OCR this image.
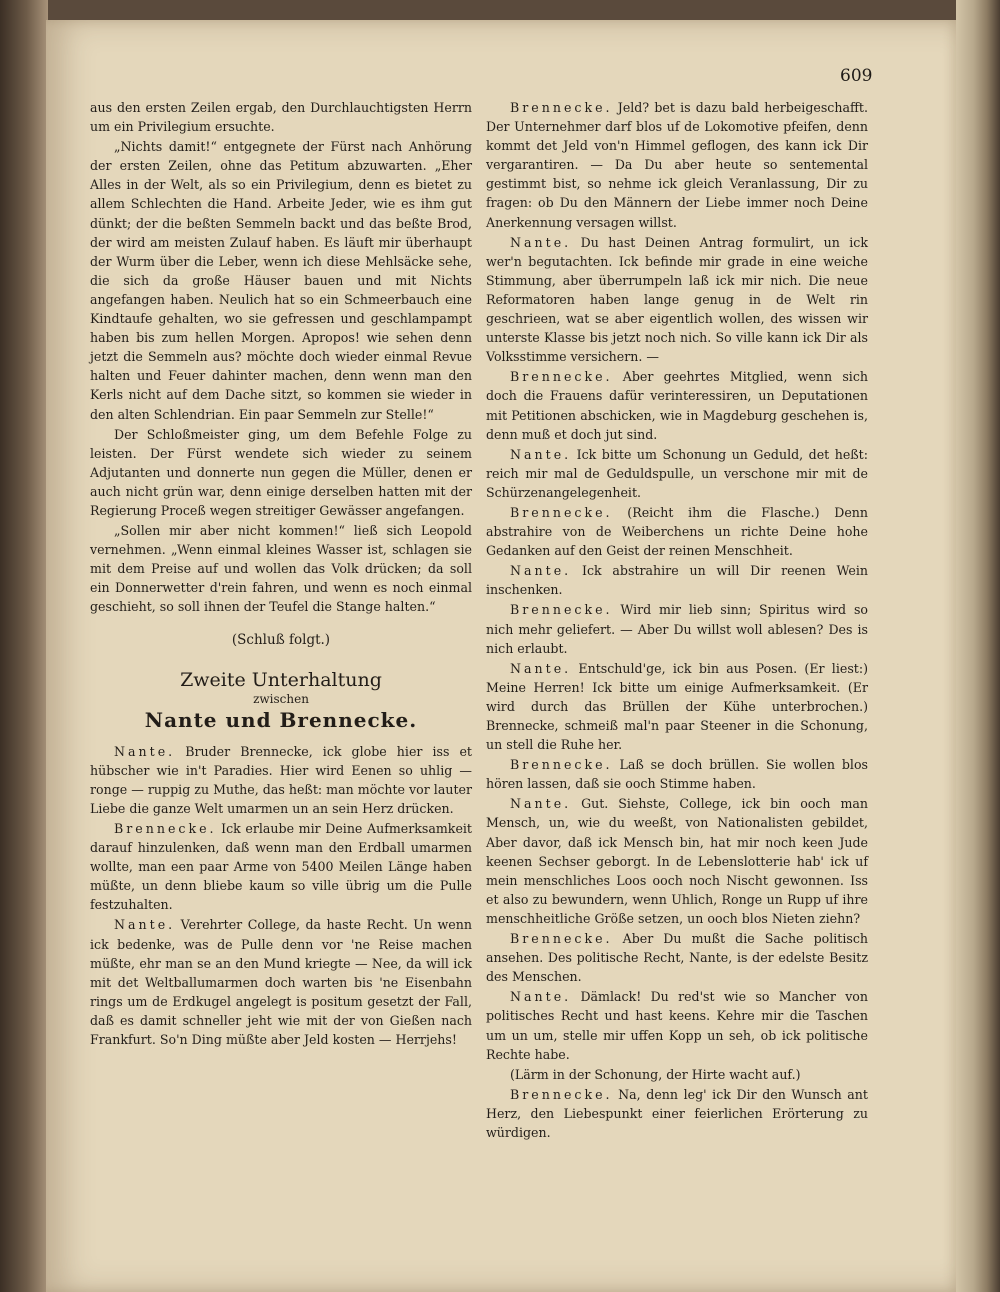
609

aus den ersten Zeilen ergab, den Durchlauchtigsten Herrn um ein Privilegium ersuchte.

„Nichts damit!“ entgegnete der Fürst nach Anhörung der ersten Zeilen, ohne das Petitum abzuwarten. „Eher Alles in der Welt, als so ein Privilegium, denn es bietet zu allem Schlechten die Hand. Arbeite Jeder, wie es ihm gut dünkt; der die beßten Semmeln backt und das beßte Brod, der wird am meisten Zulauf haben. Es läuft mir überhaupt der Wurm über die Leber, wenn ich diese Mehlsäcke sehe, die sich da große Häuser bauen und mit Nichts angefangen haben. Neulich hat so ein Schmeerbauch eine Kindtaufe gehalten, wo sie gefressen und geschlampampt haben bis zum hellen Morgen. Apropos! wie sehen denn jetzt die Semmeln aus? möchte doch wieder einmal Revue halten und Feuer dahinter machen, denn wenn man den Kerls nicht auf dem Dache sitzt, so kommen sie wieder in den alten Schlendrian. Ein paar Semmeln zur Stelle!“

Der Schloßmeister ging, um dem Befehle Folge zu leisten. Der Fürst wendete sich wieder zu seinem Adjutanten und donnerte nun gegen die Müller, denen er auch nicht grün war, denn einige derselben hatten mit der Regierung Proceß wegen streitiger Gewässer angefangen.

„Sollen mir aber nicht kommen!“ ließ sich Leopold vernehmen. „Wenn einmal kleines Wasser ist, schlagen sie mit dem Preise auf und wollen das Volk drücken; da soll ein Donnerwetter d'rein fahren, und wenn es noch einmal geschieht, so soll ihnen der Teufel die Stange halten.“

(Schluß folgt.)
Zweite Unterhaltung
zwischen
Nante und Brennecke.

Nante. Bruder Brennecke, ick globe hier iss et hübscher wie in't Paradies. Hier wird Eenen so uhlig — ronge — ruppig zu Muthe, das heßt: man möchte vor lauter Liebe die ganze Welt umarmen un an sein Herz drücken.

Brennecke. Ick erlaube mir Deine Aufmerksamkeit darauf hinzulenken, daß wenn man den Erdball umarmen wollte, man een paar Arme von 5400 Meilen Länge haben müßte, un denn bliebe kaum so ville übrig um die Pulle festzuhalten.

Nante. Verehrter College, da haste Recht. Un wenn ick bedenke, was de Pulle denn vor 'ne Reise machen müßte, ehr man se an den Mund kriegte — Nee, da will ick mit det Weltballumarmen doch warten bis 'ne Eisenbahn rings um de Erdkugel angelegt is positum gesetzt der Fall, daß es damit schneller jeht wie mit der von Gießen nach Frankfurt. So'n Ding müßte aber Jeld kosten — Herrjehs!

Brennecke. Jeld? bet is dazu bald herbeigeschafft. Der Unternehmer darf blos uf de Lokomotive pfeifen, denn kommt det Jeld von'n Himmel geflogen, des kann ick Dir vergarantiren. — Da Du aber heute so sentemental gestimmt bist, so nehme ick gleich Veranlassung, Dir zu fragen: ob Du den Männern der Liebe immer noch Deine Anerkennung versagen willst.

Nante. Du hast Deinen Antrag formulirt, un ick wer'n begutachten. Ick befinde mir grade in eine weiche Stimmung, aber überrumpeln laß ick mir nich. Die neue Reformatoren haben lange genug in de Welt rin geschrieen, wat se aber eigentlich wollen, des wissen wir unterste Klasse bis jetzt noch nich. So ville kann ick Dir als Volksstimme versichern. —

Brennecke. Aber geehrtes Mitglied, wenn sich doch die Frauens dafür verinteressiren, un Deputationen mit Petitionen abschicken, wie in Magdeburg geschehen is, denn muß et doch jut sind.

Nante. Ick bitte um Schonung un Geduld, det heßt: reich mir mal de Geduldspulle, un verschone mir mit de Schürzenangelegenheit.

Brennecke. (Reicht ihm die Flasche.) Denn abstrahire von de Weiberchens un richte Deine hohe Gedanken auf den Geist der reinen Menschheit.

Nante. Ick abstrahire un will Dir reenen Wein inschenken.

Brennecke. Wird mir lieb sinn; Spiritus wird so nich mehr geliefert. — Aber Du willst woll ablesen? Des is nich erlaubt.

Nante. Entschuld'ge, ick bin aus Posen. (Er liest:) Meine Herren! Ick bitte um einige Aufmerksamkeit. (Er wird durch das Brüllen der Kühe unterbrochen.) Brennecke, schmeiß mal'n paar Steener in die Schonung, un stell die Ruhe her.

Brennecke. Laß se doch brüllen. Sie wollen blos hören lassen, daß sie ooch Stimme haben.

Nante. Gut. Siehste, College, ick bin ooch man Mensch, un, wie du weeßt, von Nationalisten gebildet, Aber davor, daß ick Mensch bin, hat mir noch keen Jude keenen Sechser geborgt. In de Lebenslotterie hab' ick uf mein menschliches Loos ooch noch Nischt gewonnen. Iss et also zu bewundern, wenn Uhlich, Ronge un Rupp uf ihre menschheitliche Größe setzen, un ooch blos Nieten ziehn?

Brennecke. Aber Du mußt die Sache politisch ansehen. Des politische Recht, Nante, is der edelste Besitz des Menschen.

Nante. Dämlack! Du red'st wie so Mancher von politisches Recht und hast keens. Kehre mir die Taschen um un um, stelle mir uffen Kopp un seh, ob ick politische Rechte habe.

(Lärm in der Schonung, der Hirte wacht auf.)

Brennecke. Na, denn leg' ick Dir den Wunsch ant Herz, den Liebespunkt einer feierlichen Erörterung zu würdigen.
